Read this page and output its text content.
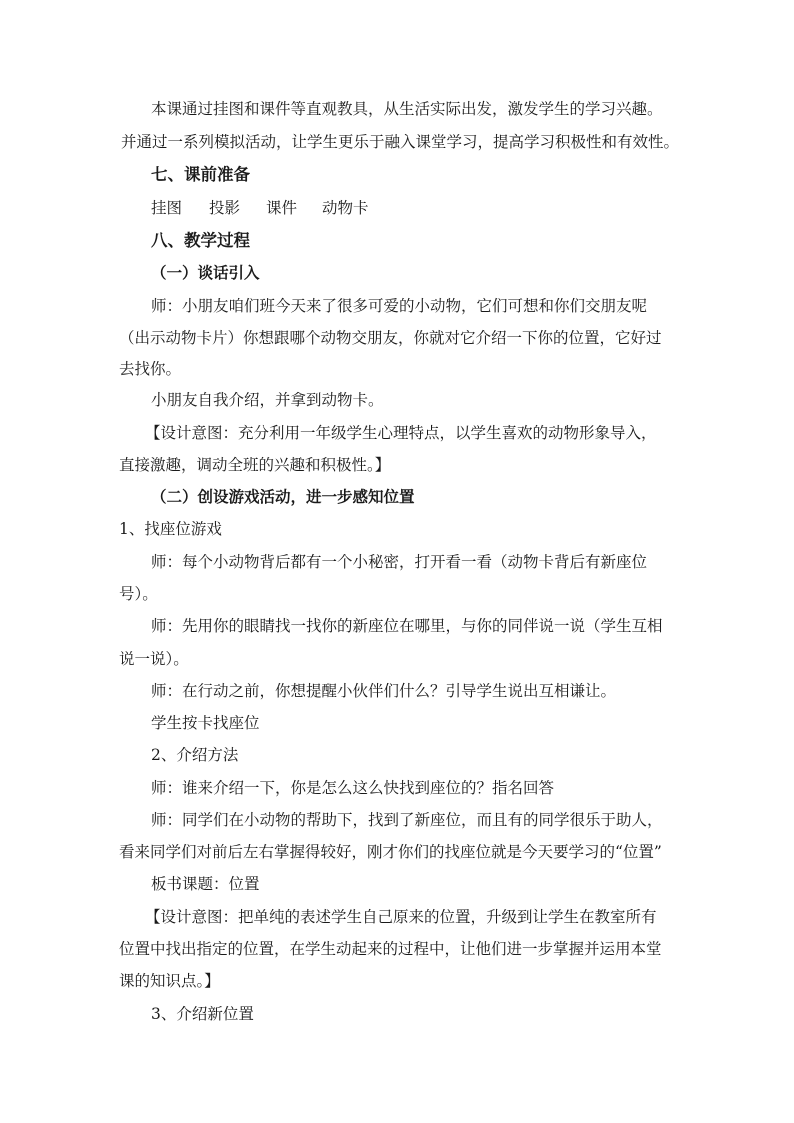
本课通过挂图和课件等直观教具，从生活实际出发，激发学生的学习兴趣。
并通过一系列模拟活动，让学生更乐于融入课堂学习，提高学习积极性和有效性。
七、课前准备
挂图 投影 课件 动物卡
八、教学过程
（一）谈话引入
师：小朋友咱们班今天来了很多可爱的小动物，它们可想和你们交朋友呢
（出示动物卡片）你想跟哪个动物交朋友，你就对它介绍一下你的位置，它好过
去找你。
小朋友自我介绍，并拿到动物卡。
【设计意图：充分利用一年级学生心理特点，以学生喜欢的动物形象导入，
直接激趣，调动全班的兴趣和积极性。】
（二）创设游戏活动，进一步感知位置
1、找座位游戏
师：每个小动物背后都有一个小秘密，打开看一看（动物卡背后有新座位
号）。
师：先用你的眼睛找一找你的新座位在哪里，与你的同伴说一说（学生互相
说一说）。
师：在行动之前，你想提醒小伙伴们什么？引导学生说出互相谦让。
学生按卡找座位
2、介绍方法
师：谁来介绍一下，你是怎么这么快找到座位的？指名回答
师：同学们在小动物的帮助下，找到了新座位，而且有的同学很乐于助人，
看来同学们对前后左右掌握得较好，刚才你们的找座位就是今天要学习的“位置”
板书课题：位置
【设计意图：把单纯的表述学生自己原来的位置，升级到让学生在教室所有
位置中找出指定的位置，在学生动起来的过程中，让他们进一步掌握并运用本堂
课的知识点。】
3、介绍新位置
